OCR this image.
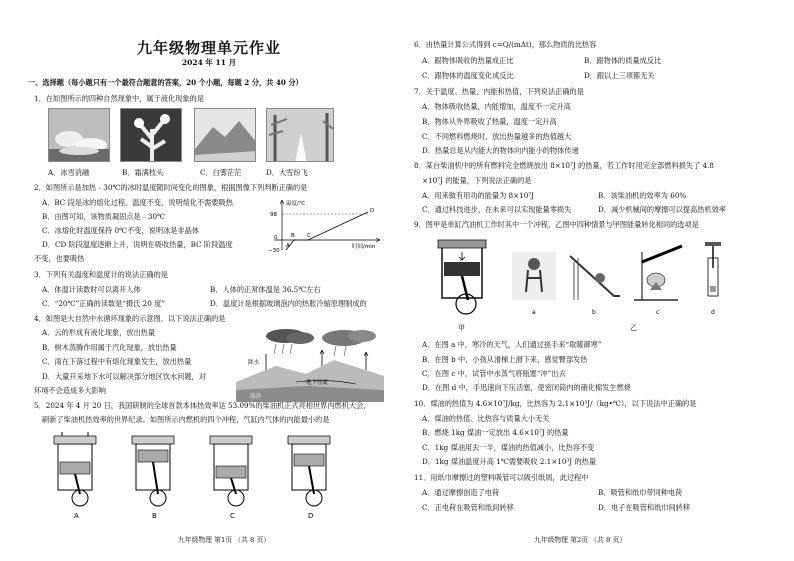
九年级物理单元作业
2024 年 11 月
一、选择题（每小题只有一个最符合题意的答案，20 个小题，每题 2 分，共 40 分）
1．在如图所示的四种自然现象中，属于液化现象的是
A．冰雪消融	B．霜满枝头	C．白雾茫茫	D．大雪纷飞
2．如图所示是加热﹣30℃的冰时温度随时间变化的图象，根据图像下列判断正确的是
A．BC 段是冰的熔化过程，温度不变，说明熔化不需要吸热
B．由图可知，该物质凝固点是﹣30℃
C．冰熔化时温度保持 0℃不变，说明冰是非晶体
D．CD 阶段温度逐渐上升，说明在吸收热量，BC 阶段温度
不变，也要吸热
温度/℃
时间/min
98
0
−30
A
B C
D
3．下列有关温度和温度计的说法正确的是
A．体温计读数时可以离开人体	B．人体的正常体温是 36.5℃左右
C．“20℃”正确的读数是“摄氏 20 度”	D．温度计是根据玻璃泡内的热胀冷缩原理制成的
4．如图是大自然中水循环现象的示意图，以下说法正确的是
A．云的形成有液化现象，放出热量
B．树木蒸腾作用属于汽化现象，放出热量
C．雨在下落过程中有熔化现象发生，放出热量
D．大量开采地下水可以解决部分地区饮水问题，对
环境不会造成多大影响
降水
地下径流
海洋
5．2024 年 4 月 20 日，我国研制的全球首款本体热效率达 53.09%的柴油机正式亮相世界内燃机大会，
刷新了柴油机热效率的世界纪录。如图所示内燃机的四个冲程，气缸内气体的内能最小的是
A	B	C	D
九年级物理 第1页 （共 8 页）
6．由热量计算公式得到 c=Q/(mΔt)，那么物质的比热容
A．跟物体吸收的热量成正比	B．跟物体的质量成反比
C．跟物体的温度变化成反比	D．跟以上三项都无关
7．关于温度、热量、内能和热值，下列说法正确的是
A．物体吸收热量，内能增加，温度不一定升高
B．物体从外界吸收了热量，温度一定升高
C．不同燃料燃烧时，放出热量越多的热值越大
D．热量总是从内能大的物体向内能小的物体传递
8．某台柴油机中的所有燃料完全燃烧放出 8×10⁷J 的热量，若工作时用完全部燃料损失了 4.8
×10⁷J 的能量，下列说法正确的是
A．用来做有用功的能量为 8×10⁷J	B．该柴油机的效率为 60%
C．通过科技进步，在未来可以实现能量零损失	D．减少机械间的摩擦可以提高热机效率
9．图甲是单缸汽油机工作时其中一个冲程，乙图中四种情景与甲图能量转化相同的选项是
甲
a	b	c	d
乙
A．在图 a 中，寒冷的天气，人们通过搓手来“取暖御寒”
B．在图 b 中，小孩从滑梯上滑下来，感觉臀部发热
C．在图 c 中，试管中水蒸气将瓶塞“冲”出去
D．在图 d 中，手迅速向下压活塞，使密闭筒内的硝化棉发生燃烧
10．煤油的热值为 4.6×10⁷J/kg，比热容为 2.1×10³J/（kg•℃），以下说法中正确的是
A．煤油的热值、比热容与质量大小无关
B．燃烧 1kg 煤油一定放出 4.6×10⁷J 的热量
C．1kg 煤油用去一半，煤油的热值减小，比热容不变
D．1kg 煤油温度升高 1℃需要吸收 2.1×10³J 的热量
11．用纸巾摩擦过的塑料吸管可以吸引纸屑，此过程中
A．通过摩擦创造了电荷	B．吸管和纸巾带同种电荷
C．正电荷在吸管和纸间转移	D．电子在吸管和纸巾间转移
九年级物理 第2页 （共 8 页）
